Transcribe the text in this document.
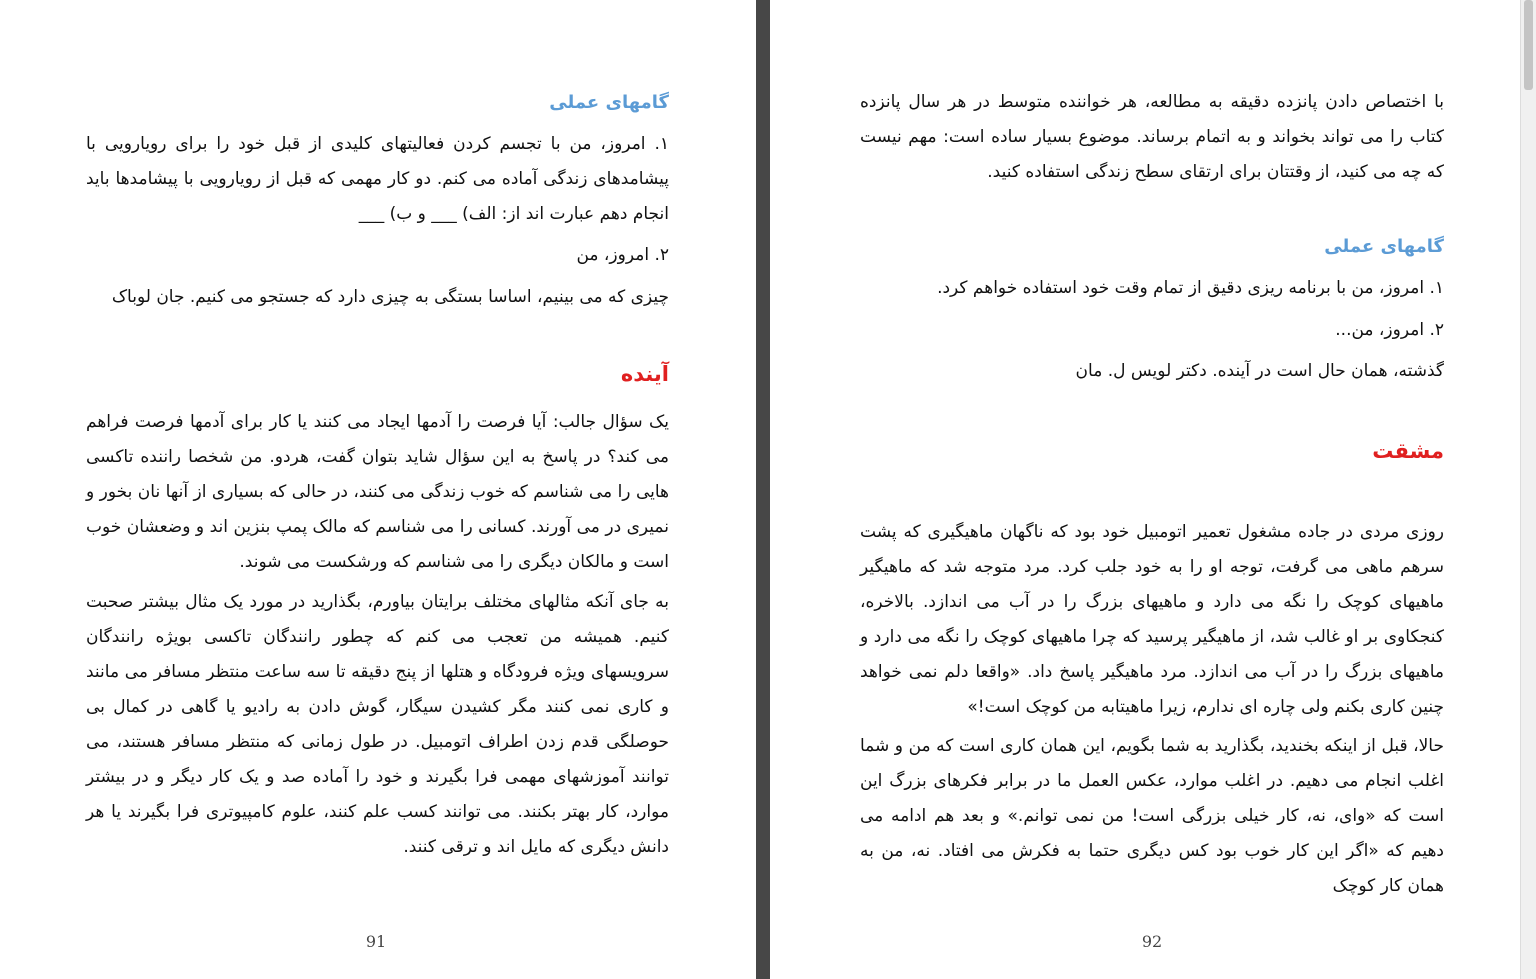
گامهای عملی

۱. امروز، من با تجسم کردن فعالیتهای کلیدی از قبل خود را برای رویارویی با پیشامدهای زندگی آماده می کنم. دو کار مهمی که قبل از رویارویی با پیشامدها باید انجام دهم عبارت اند از: الف) ___ و ب) ___

۲. امروز، من

چیزی که می بینیم، اساسا بستگی به چیزی دارد که جستجو می کنیم. جان لوباک

آینده

یک سؤال جالب: آیا فرصت را آدمها ایجاد می کنند یا کار برای آدمها فرصت فراهم می کند؟ در پاسخ به این سؤال شاید بتوان گفت، هردو. من شخصا راننده تاکسی هایی را می شناسم که خوب زندگی می کنند، در حالی که بسیاری از آنها نان بخور و نمیری در می آورند. کسانی را می شناسم که مالک پمپ بنزین اند و وضعشان خوب است و مالکان دیگری را می شناسم که ورشکست می شوند.

به جای آنکه مثالهای مختلف برایتان بیاورم، بگذارید در مورد یک مثال بیشتر صحبت کنیم. همیشه من تعجب می کنم که چطور رانندگان تاکسی بویژه رانندگان سرویسهای ویژه فرودگاه و هتلها از پنج دقیقه تا سه ساعت منتظر مسافر می مانند و کاری نمی کنند مگر کشیدن سیگار، گوش دادن به رادیو یا گاهی در کمال بی حوصلگی قدم زدن اطراف اتومبیل. در طول زمانی که منتظر مسافر هستند، می توانند آموزشهای مهمی فرا بگیرند و خود را آماده صد و یک کار دیگر و در بیشتر موارد، کار بهتر بکنند. می توانند کسب علم کنند، علوم کامپیوتری فرا بگیرند یا هر دانش دیگری که مایل اند و ترقی کنند.

91

با اختصاص دادن پانزده دقیقه به مطالعه، هر خواننده متوسط در هر سال پانزده کتاب را می تواند بخواند و به اتمام برساند. موضوع بسیار ساده است: مهم نیست که چه می کنید، از وقتتان برای ارتقای سطح زندگی استفاده کنید.

گامهای عملی

۱. امروز، من با برنامه ریزی دقیق از تمام وقت خود استفاده خواهم کرد.

۲. امروز، من...

گذشته، همان حال است در آینده. دکتر لویس ل. مان

مشقت

روزی مردی در جاده مشغول تعمیر اتومبیل خود بود که ناگهان ماهیگیری که پشت سرهم ماهی می گرفت، توجه او را به خود جلب کرد. مرد متوجه شد که ماهیگیر ماهیهای کوچک را نگه می دارد و ماهیهای بزرگ را در آب می اندازد. بالاخره، کنجکاوی بر او غالب شد، از ماهیگیر پرسید که چرا ماهیهای کوچک را نگه می دارد و ماهیهای بزرگ را در آب می اندازد. مرد ماهیگیر پاسخ داد. «واقعا دلم نمی خواهد چنین کاری بکنم ولی چاره ای ندارم، زیرا ماهیتابه من کوچک است!»

حالا، قبل از اینکه بخندید، بگذارید به شما بگویم، این همان کاری است که من و شما اغلب انجام می دهیم. در اغلب موارد، عکس العمل ما در برابر فکرهای بزرگ این است که «وای، نه، کار خیلی بزرگی است! من نمی توانم.» و بعد هم ادامه می دهیم که «اگر این کار خوب بود کس دیگری حتما به فکرش می افتاد. نه، من به همان کار کوچک

92
